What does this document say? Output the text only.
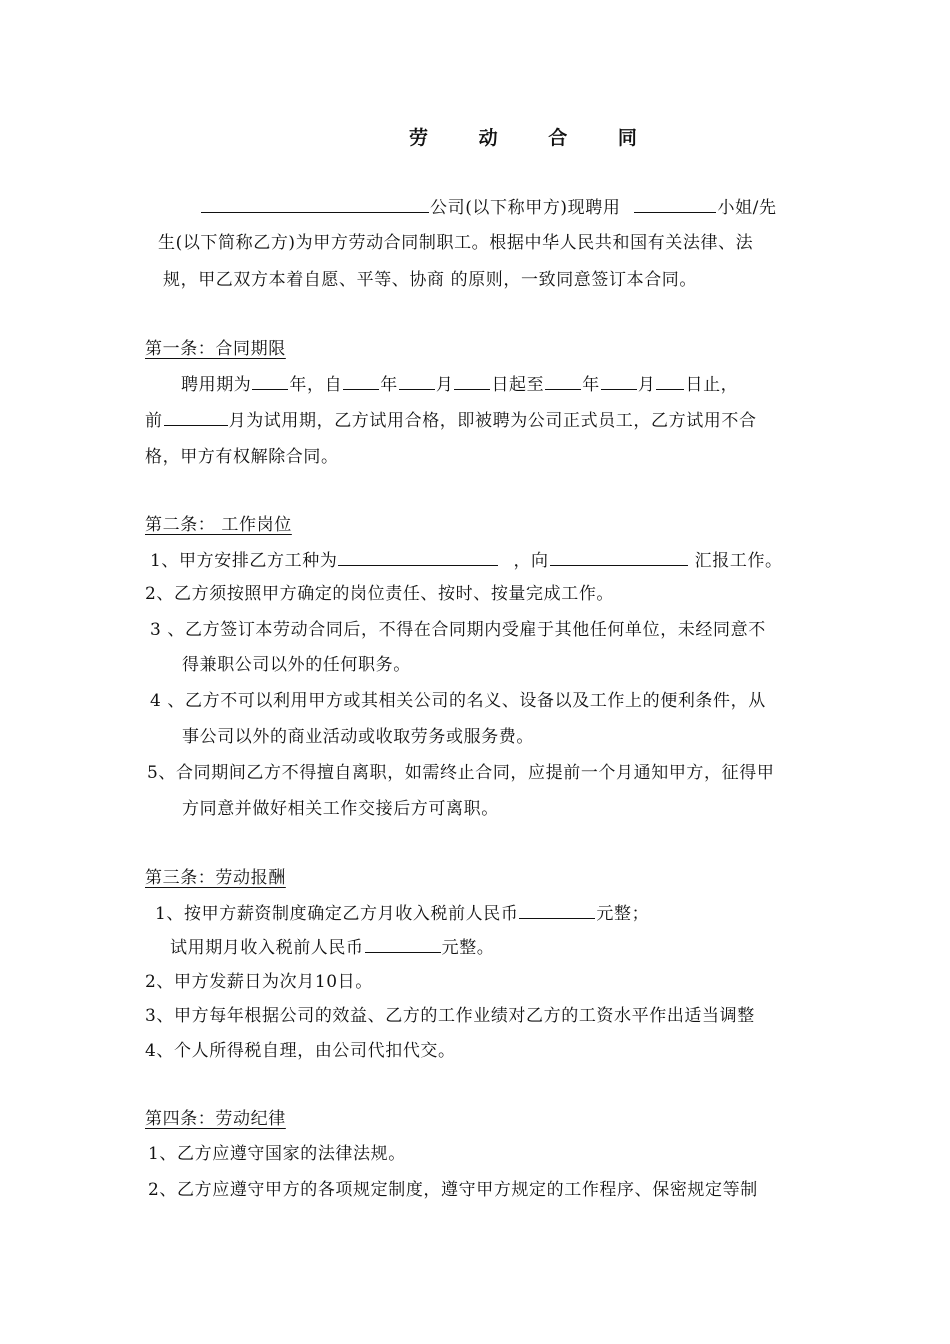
劳 动 合 同
公司(以下称甲方)现聘用	小姐/先
生(以下简称乙方)为甲方劳动合同制职工。根据中华人民共和国有关法律、法
规，甲乙双方本着自愿、平等、协商 的原则，一致同意签订本合同。
第一条：合同期限
聘用期为 年，自 年 月 日起至 年 月 日止，
前	月为试用期，乙方试用合格，即被聘为公司正式员工，乙方试用不合
格，甲方有权解除合同。
第二条： 工作岗位
1、甲方安排乙方工种为	，向	汇报工作。
2、乙方须按照甲方确定的岗位责任、按时、按量完成工作。
3 、乙方签订本劳动合同后，不得在合同期内受雇于其他任何单位，未经同意不
得兼职公司以外的任何职务。
4 、乙方不可以利用甲方或其相关公司的名义、设备以及工作上的便利条件，从
事公司以外的商业活动或收取劳务或服务费。
5、合同期间乙方不得擅自离职，如需终止合同，应提前一个月通知甲方，征得甲
方同意并做好相关工作交接后方可离职。
第三条：劳动报酬
1、按甲方薪资制度确定乙方月收入税前人民币	元整；
试用期月收入税前人民币	元整。
2、甲方发薪日为次月10日。
3、甲方每年根据公司的效益、乙方的工作业绩对乙方的工资水平作出适当调整
4、个人所得税自理，由公司代扣代交。
第四条：劳动纪律
1、乙方应遵守国家的法律法规。
2、乙方应遵守甲方的各项规定制度，遵守甲方规定的工作程序、保密规定等制
